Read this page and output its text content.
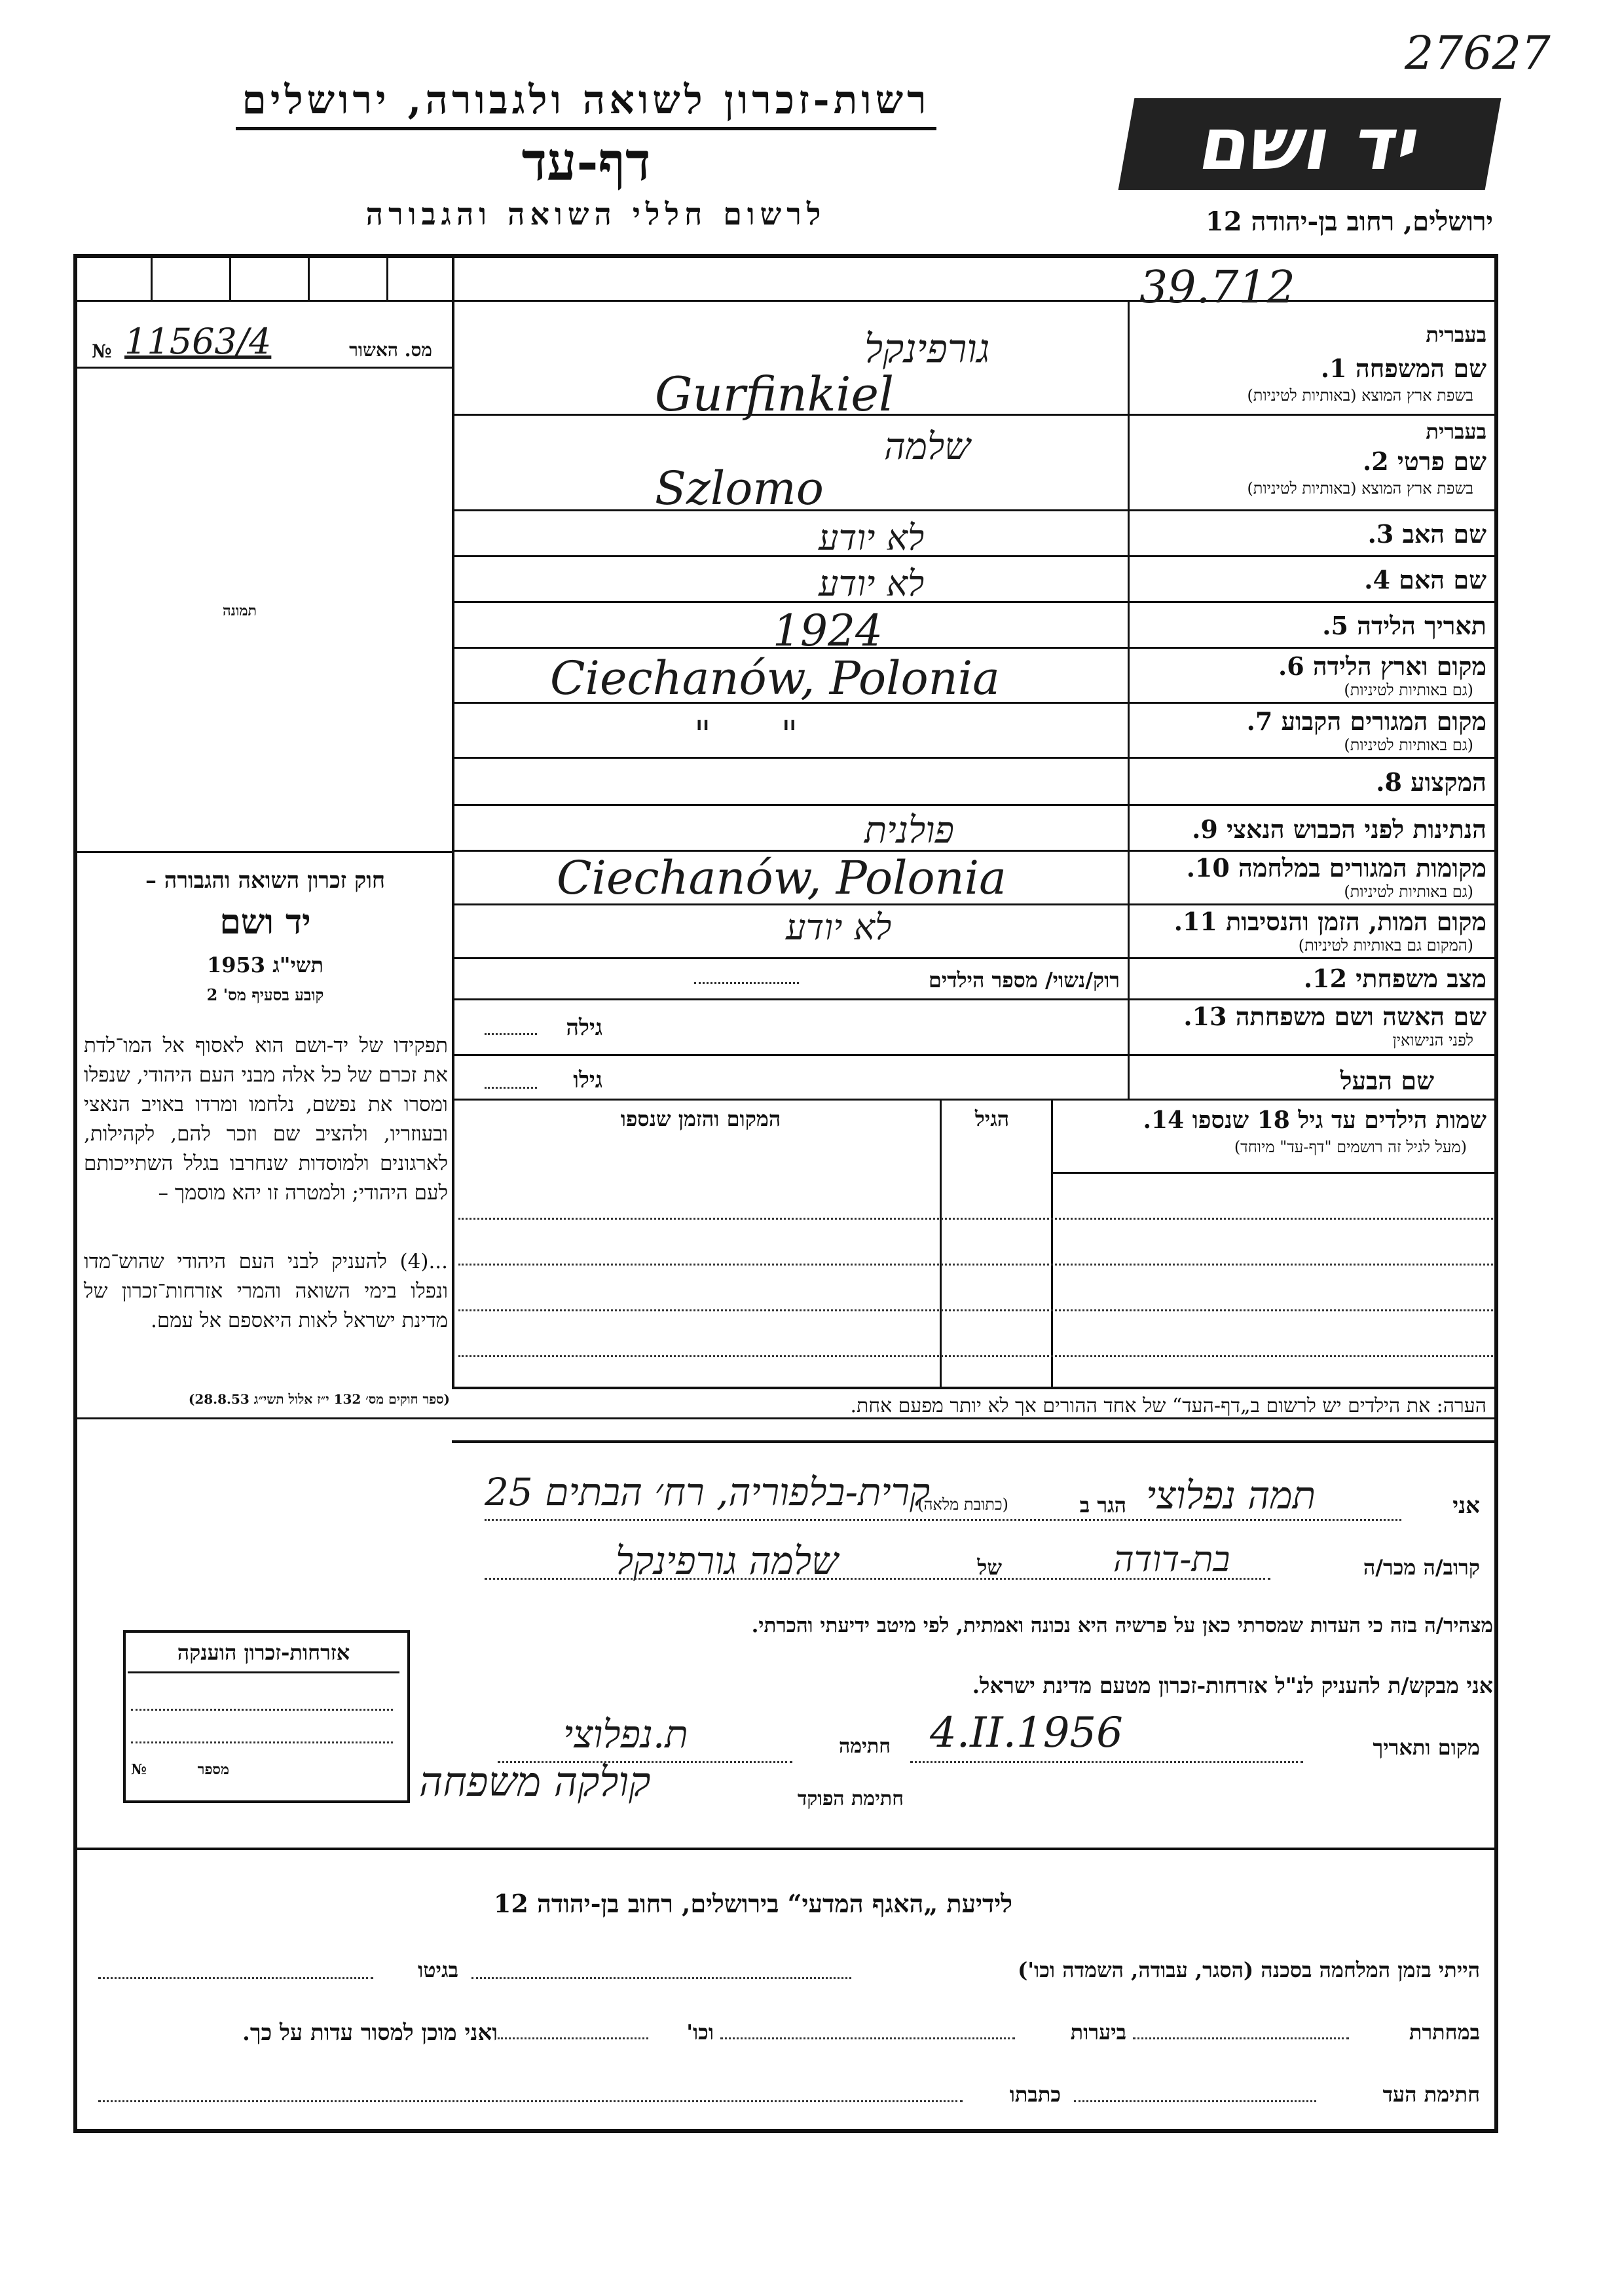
27627
רשות-זכרון לשואה ולגבורה, ירושלים
דף-עד
לרשום חללי השואה והגבורה
יד ושם
ירושלים, רחוב בן-יהודה 12
39.712
מס. האשור
11563/4
№
תמונה
בעברית
שם המשפחה 1.
בשפת ארץ המוצא (באותיות לטיניות)
בעברית
שם פרטי 2.
בשפת ארץ המוצא (באותיות לטיניות)
שם האב 3.
שם האם 4.
תאריך הלידה 5.
מקום וארץ הלידה 6.
(גם באותיות לטיניות)
מקום המגורים הקבוע 7.
(גם באותיות לטיניות)
המקצוע 8.
הנתינות לפני הכבוש הנאצי 9.
מקומות המגורים במלחמה 10.
(גם באותיות לטיניות)
מקום המות, הזמן והנסיבות 11.
(המקום גם באותיות לטיניות)
מצב משפחתי 12.
רוק/נשוי/ מספר הילדים
שם האשה ושם משפחתה 13.
לפני הנישואין
גילה
שם הבעל
גילו
שמות הילדים עד גיל 18 שנספו 14.
(מעל לגיל זה רושמים "דף-עד" מיוחד)
הגיל
המקום והזמן שנספו
גורפינקל
Gurfinkiel
שלמה
Szlomo
לא יודע
לא יודע
1924
Ciechanów, Polonia
"      "
פולנית
Ciechanów, Polonia
לא יודע
חוק זכרון השואה והגבורה –
יד ושם
תשי"ג 1953
קובע בסעיף מס' 2
תפקידו של יד-ושם הוא לאסוף אל המו־לדת את זכרם של כל אלה מבני העם היהודי, שנפלו ומסרו את נפשם, נלחמו ומרדו באויב הנאצי ובעוזריו, ולהציב שם וזכר להם, לקהילות, לארגונים ולמוסדות שנחרבו בגלל השתייכותם לעם היהודי; ולמטרה זו יהא מוסמך –
...(4) להעניק לבני העם היהודי שהוש־מדו ונפלו בימי השואה והמרי אזרחות־זכרון של מדינת ישראל לאות היאספם אל עמם.
(ספר חוקים מס׳ 132 י״ז אלול תשי״ג 28.8.53)	הערה: את הילדים יש לרשום ב„דף-העד“ של אחד ההורים אך לא יותר מפעם אחת.
אני
תמה נפלוצי
הגר ב
(כתובת מלאה)
קרית-בלפוריה, רח׳ הבתים 25
קרוב/ה מכר/ה
בת-דודה
של
שלמה גורפינקל
מצהיר/ה בזה כי העדות שמסרתי כאן על פרשיה היא נכונה ואמתית, לפי מיטב ידיעתי והכרתי.
אני מבקש/ת להעניק לנ"ל אזרחות-זכרון מטעם מדינת ישראל.
אזרחות-זכרון הוענקה
מספר
№
מקום ותאריך
4.II.1956
חתימה
ת.נפלוצי
חתימת הפוקד
קולקה משפחה
לידיעת „האגף המדעי“ בירושלים, רחוב בן-יהודה 12
הייתי בזמן המלחמה בסכנה (הסגר, עבודה, השמדה וכו')
בגיטו
במחתרת
ביערות
וכו'
ואני מוכן למסור עדות על כך.
חתימת העד
כתבתו
